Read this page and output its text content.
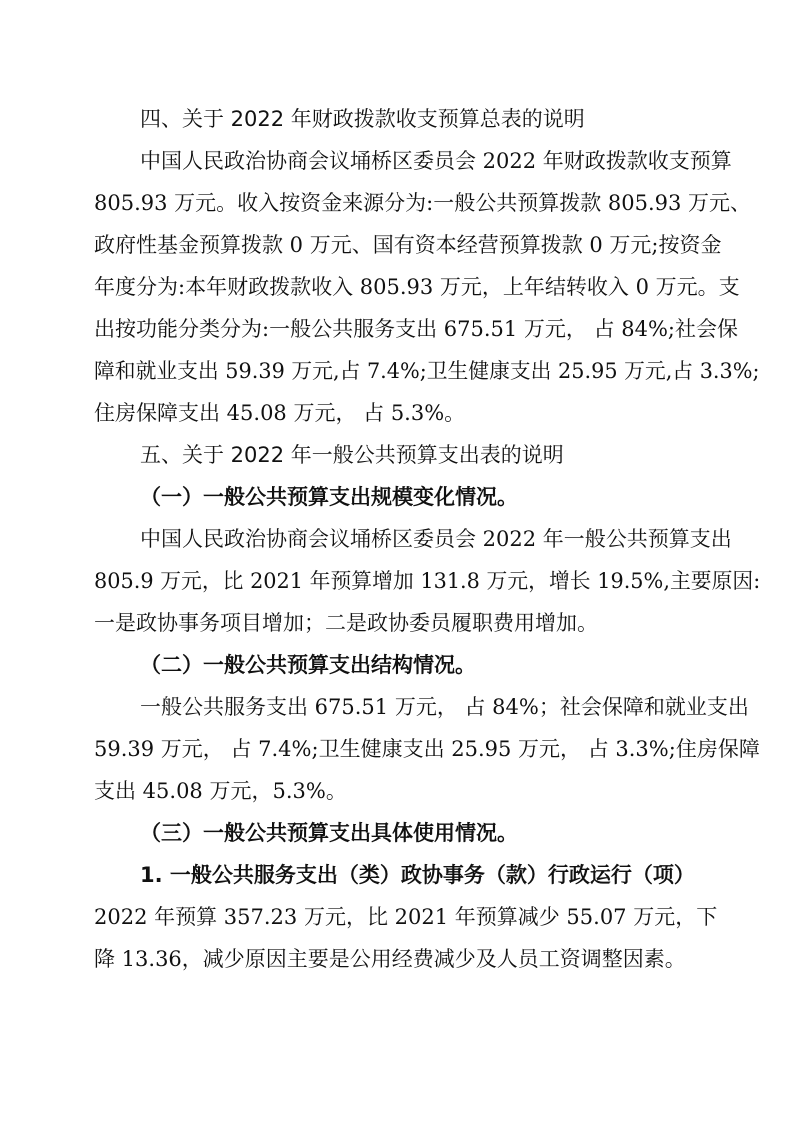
四、关于 2022 年财政拨款收支预算总表的说明
中国人民政治协商会议埇桥区委员会 2022 年财政拨款收支预算
805.93 万元。收入按资金来源分为:一般公共预算拨款 805.93 万元、
政府性基金预算拨款 0 万元、国有资本经营预算拨款 0 万元;按资金
年度分为:本年财政拨款收入 805.93 万元，上年结转收入 0 万元。支
出按功能分类分为:一般公共服务支出 675.51 万元， 占 84%;社会保
障和就业支出 59.39 万元,占 7.4%;卫生健康支出 25.95 万元,占 3.3%;
住房保障支出 45.08 万元， 占 5.3%。
五、关于 2022 年一般公共预算支出表的说明
（一）一般公共预算支出规模变化情况。
中国人民政治协商会议埇桥区委员会 2022 年一般公共预算支出
805.9 万元，比 2021 年预算增加 131.8 万元，增长 19.5%,主要原因:
一是政协事务项目增加；二是政协委员履职费用增加。
（二）一般公共预算支出结构情况。
一般公共服务支出 675.51 万元， 占 84%；社会保障和就业支出
59.39 万元， 占 7.4%;卫生健康支出 25.95 万元， 占 3.3%;住房保障
支出 45.08 万元，5.3%。
（三）一般公共预算支出具体使用情况。
1. 一般公共服务支出（类）政协事务（款）行政运行（项）
2022 年预算 357.23 万元，比 2021 年预算减少 55.07 万元，下
降 13.36，减少原因主要是公用经费减少及人员工资调整因素。
